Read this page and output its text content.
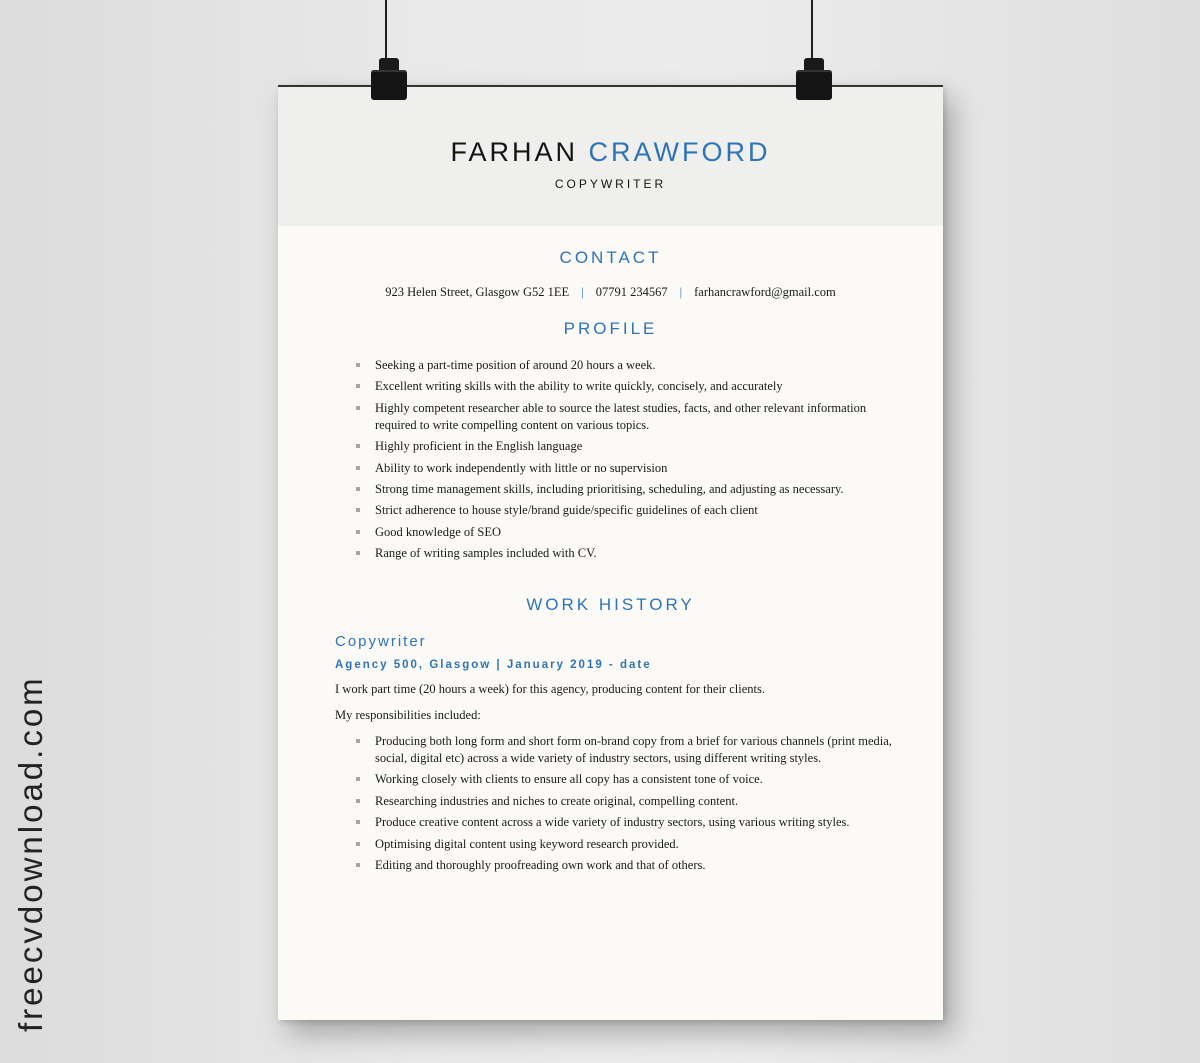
FARHAN CRAWFORD
COPYWRITER
CONTACT
923 Helen Street, Glasgow G52 1EE | 07791 234567 | farhancrawford@gmail.com
PROFILE
Seeking a part-time position of around 20 hours a week.
Excellent writing skills with the ability to write quickly, concisely, and accurately
Highly competent researcher able to source the latest studies, facts, and other relevant information required to write compelling content on various topics.
Highly proficient in the English language
Ability to work independently with little or no supervision
Strong time management skills, including prioritising, scheduling, and adjusting as necessary.
Strict adherence to house style/brand guide/specific guidelines of each client
Good knowledge of SEO
Range of writing samples included with CV.
WORK HISTORY
Copywriter
Agency 500, Glasgow | January 2019 - date
I work part time (20 hours a week) for this agency, producing content for their clients.
My responsibilities included:
Producing both long form and short form on-brand copy from a brief for various channels (print media, social, digital etc) across a wide variety of industry sectors, using different writing styles.
Working closely with clients to ensure all copy has a consistent tone of voice.
Researching industries and niches to create original, compelling content.
Produce creative content across a wide variety of industry sectors, using various writing styles.
Optimising digital content using keyword research provided.
Editing and thoroughly proofreading own work and that of others.
freecvdownload.com
